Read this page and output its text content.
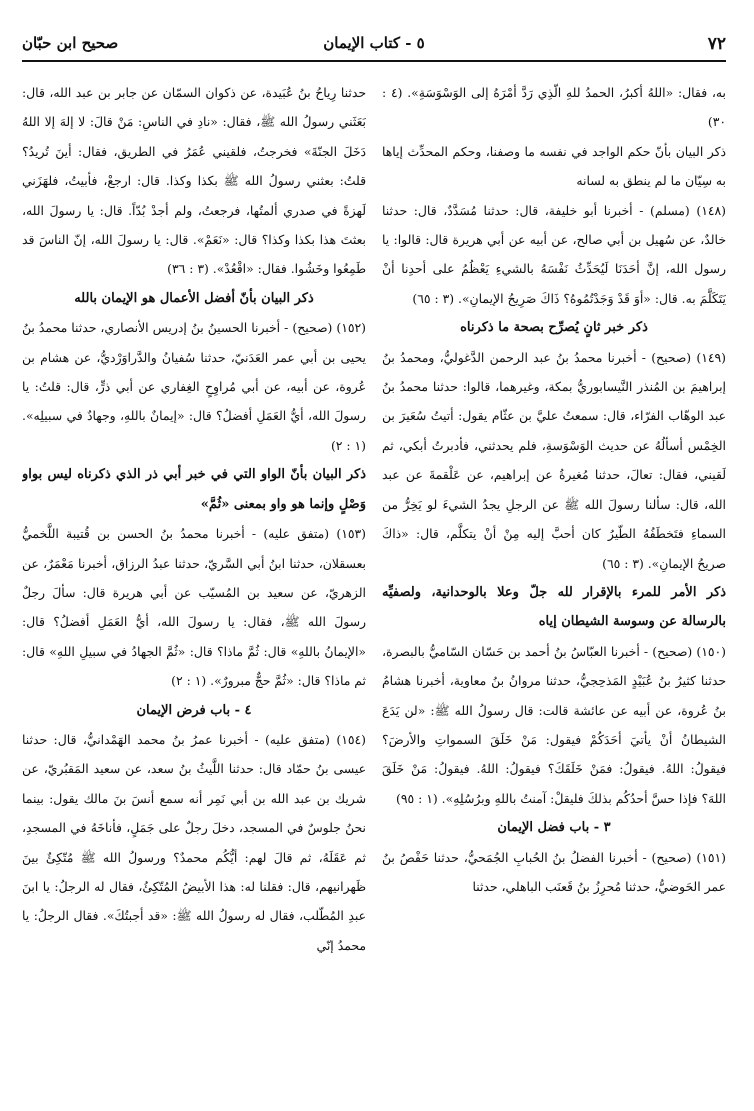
٧٢
٥ - كتاب الإيمان
صحيح ابن حبّان

به، فقال: «اللهُ أكبرُ، الحمدُ للهِ الّذِي رَدَّ أمْرَهُ إلى الوَسْوَسَةِ». (٤ : ٣٠)

ذكر البيان بأنّ حكم الواجد في نفسه ما وصفنا، وحكم المحدِّث إياها به سِيّان ما لم ينطق به لسانه

(١٤٨) (مسلم) - أخبرنا أبو خليفة، قال: حدثنا مُسَدَّدٌ، قال: حدثنا خالدٌ، عن سُهيل بن أبي صالح، عن أبيه عن أبي هريرة قال: قالوا: يا رسول الله، إنَّ أحَدَنَا لَيُحَدِّثُ نَفْسَهُ بالشيءِ يَعْظُمُ على أحدِنا أنْ يَتَكَلَّمَ به. قال: «أوَ قَدْ وَجَدْتُمُوهُ؟ ذَاكَ صَرِيحُ الإيمانِ». (٣ : ٦٥)

ذكر خبر ثانٍ يُصرِّح بصحة ما ذكرناه

(١٤٩) (صحيح) - أخبرنا محمدُ بنُ عبد الرحمن الدَّغوليُّ، ومحمدُ بنُ إبراهيمَ بن المُنذر النَّيسابوريُّ بمكة، وغيرهما، قالوا: حدثنا محمدُ بنُ عبد الوهّاب الفرّاء، قال: سمعتُ عليَّ بن عثّام يقول: أتيتُ سُعَيرَ بن الخِمْس أسألُهُ عن حديث الوَسْوَسةِ، فلم يحدثني، فأدبرتُ أبكي، ثم لَقيني، فقال: تعالَ، حدثنا مُغيرةُ عن إبراهيم، عن عَلْقمةَ عن عبد الله، قال: سألنا رسولَ الله ﷺ عن الرجلِ يجدُ الشيءَ لو يَخِرُّ من السماءِ فتَخطَفُهُ الطّيرُ كان أحبَّ إليه مِنْ أنْ يتكلَّم، قال: «ذاكَ صريحُ الإيمانِ». (٣ : ٦٥)

ذكر الأمر للمرء بالإقرار لله جلّ وعلا بالوحدانية، ولصفيِّه بالرسالة عن وسوسة الشيطان إياه

(١٥٠) (صحيح) - أخبرنا العبّاسُ بنُ أحمد بن حَسّان السّاميُّ بالبصرة، حدثنا كثيرُ بنُ عُبَيْدٍ المَذحِجيُّ، حدثنا مروانُ بنُ معاوية، أخبرنا هشامُ بنُ عُروة، عن أبيه عن عائشة قالت: قال رسولُ الله ﷺ: «لن يَدَعَ الشيطانُ أنْ يأتيَ أحَدَكُمْ فيقول: مَنْ خَلَقَ السمواتِ والأرضَ؟ فيقولُ: اللهُ. فيقولُ: فمَنْ خَلَقَكَ؟ فيقولُ: اللهُ. فيقولُ: مَنْ خَلَقَ اللهَ؟ فإذا حسَّ أحدُكُم بذلكَ فليقلْ: آمنتُ باللهِ وبرُسُلِهِ». (١ : ٩٥)

٣ - باب فضل الإيمان

(١٥١) (صحيح) - أخبرنا الفضلُ بنُ الحُبابِ الجُمَحيُّ، حدثنا حَفْصُ بنُ عمر الحَوضيُّ، حدثنا مُحرِزُ بنُ قَعنَب الباهلي، حدثنا

حدثنا رِياحُ بنُ عُبَيدة، عن ذكوان السمّان عن جابر بن عبد الله، قال: بَعَثَني رسولُ الله ﷺ، فقال: «نادِ في الناسِ: مَنْ قالَ: لا إلهَ إلا اللهُ دَخَلَ الجنّةَ» فخرجتُ، فلقيني عُمَرُ في الطريق، فقال: أينَ تُريدُ؟ قلتُ: بعثني رسولُ الله ﷺ بكذا وكذا. قال: ارجعْ، فأبيتُ، فلهَزَني لَهزةً في صدري ألمتُها، فرجعتُ، ولم أجدْ بُدّاً. قال: يا رسولَ الله، بعثتَ هذا بكذا وكذا؟ قال: «نَعَمْ». قال: يا رسولَ الله، إنّ الناسَ قد طَمِعُوا وخَشُوا. فقال: «اقْعُدْ». (٣ : ٣٦)

ذكر البيان بأنّ أفضل الأعمال هو الإيمان بالله

(١٥٢) (صحيح) - أخبرنا الحسينُ بنُ إدريس الأنصاري، حدثنا محمدُ بنُ يحيى بن أبي عمر العَدَنيّ، حدثنا سُفيانُ والدَّراوَرْديُّ، عن هشام بن عُروة، عن أبيه، عن أبي مُراوِحٍ الغِفاري عن أبي ذرٍّ، قال: قلتُ: يا رسولَ الله، أيُّ العَمَلِ أفضلُ؟ قال: «إيمانٌ باللهِ، وجهادٌ في سبيلِه». (١ : ٢)

ذكر البيان بأنّ الواو التي في خبر أبي ذر الذي ذكرناه ليس بواو وَصْلٍ وإنما هو واو بمعنى «ثُمَّ»

(١٥٣) (متفق عليه) - أخبرنا محمدُ بنُ الحسن بن قُتيبة اللَّخميُّ بعسقلان، حدثنا ابنُ أبي السَّريّ، حدثنا عبدُ الرزاق، أخبرنا مَعْمَرٌ، عن الزهريّ، عن سعيد بن المُسيّب عن أبي هريرة قال: سألَ رجلٌ رسولَ الله ﷺ، فقال: يا رسولَ الله، أيُّ العَمَلِ أفضلُ؟ قال: «الإيمانُ باللهِ» قال: ثُمَّ ماذا؟ قال: «ثُمَّ الجهادُ في سبيلِ اللهِ» قال: ثم ماذا؟ قال: «ثُمَّ حجٌّ مبرورٌ». (١ : ٢)

٤ - باب فرض الإيمان

(١٥٤) (متفق عليه) - أخبرنا عمرُ بنُ محمد الهَمْدانيُّ، قال: حدثنا عيسى بنُ حمّاد قال: حدثنا اللَّيثُ بنُ سعد، عن سعيد المَقبُريّ، عن شريك بن عبد الله بن أبي نَمِر أنه سمع أنسَ بنَ مالك يقول: بينما نحنُ جلوسٌ في المسجد، دخلَ رجلٌ على جَمَلٍ، فأناخَهُ في المسجدِ، ثم عَقَلَهُ، ثم قالَ لهم: أيُّكُم محمدٌ؟ ورسولُ الله ﷺ مُتّكِئٌ بينَ ظَهرانيهم، قال: فقلنا له: هذا الأبيضُ المُتّكِئُ، فقال له الرجلُ: يا ابنَ عبدِ المُطّلب، فقال له رسولُ الله ﷺ: «قد أجبتُكَ». فقال الرجلُ: يا محمدُ إنّي
